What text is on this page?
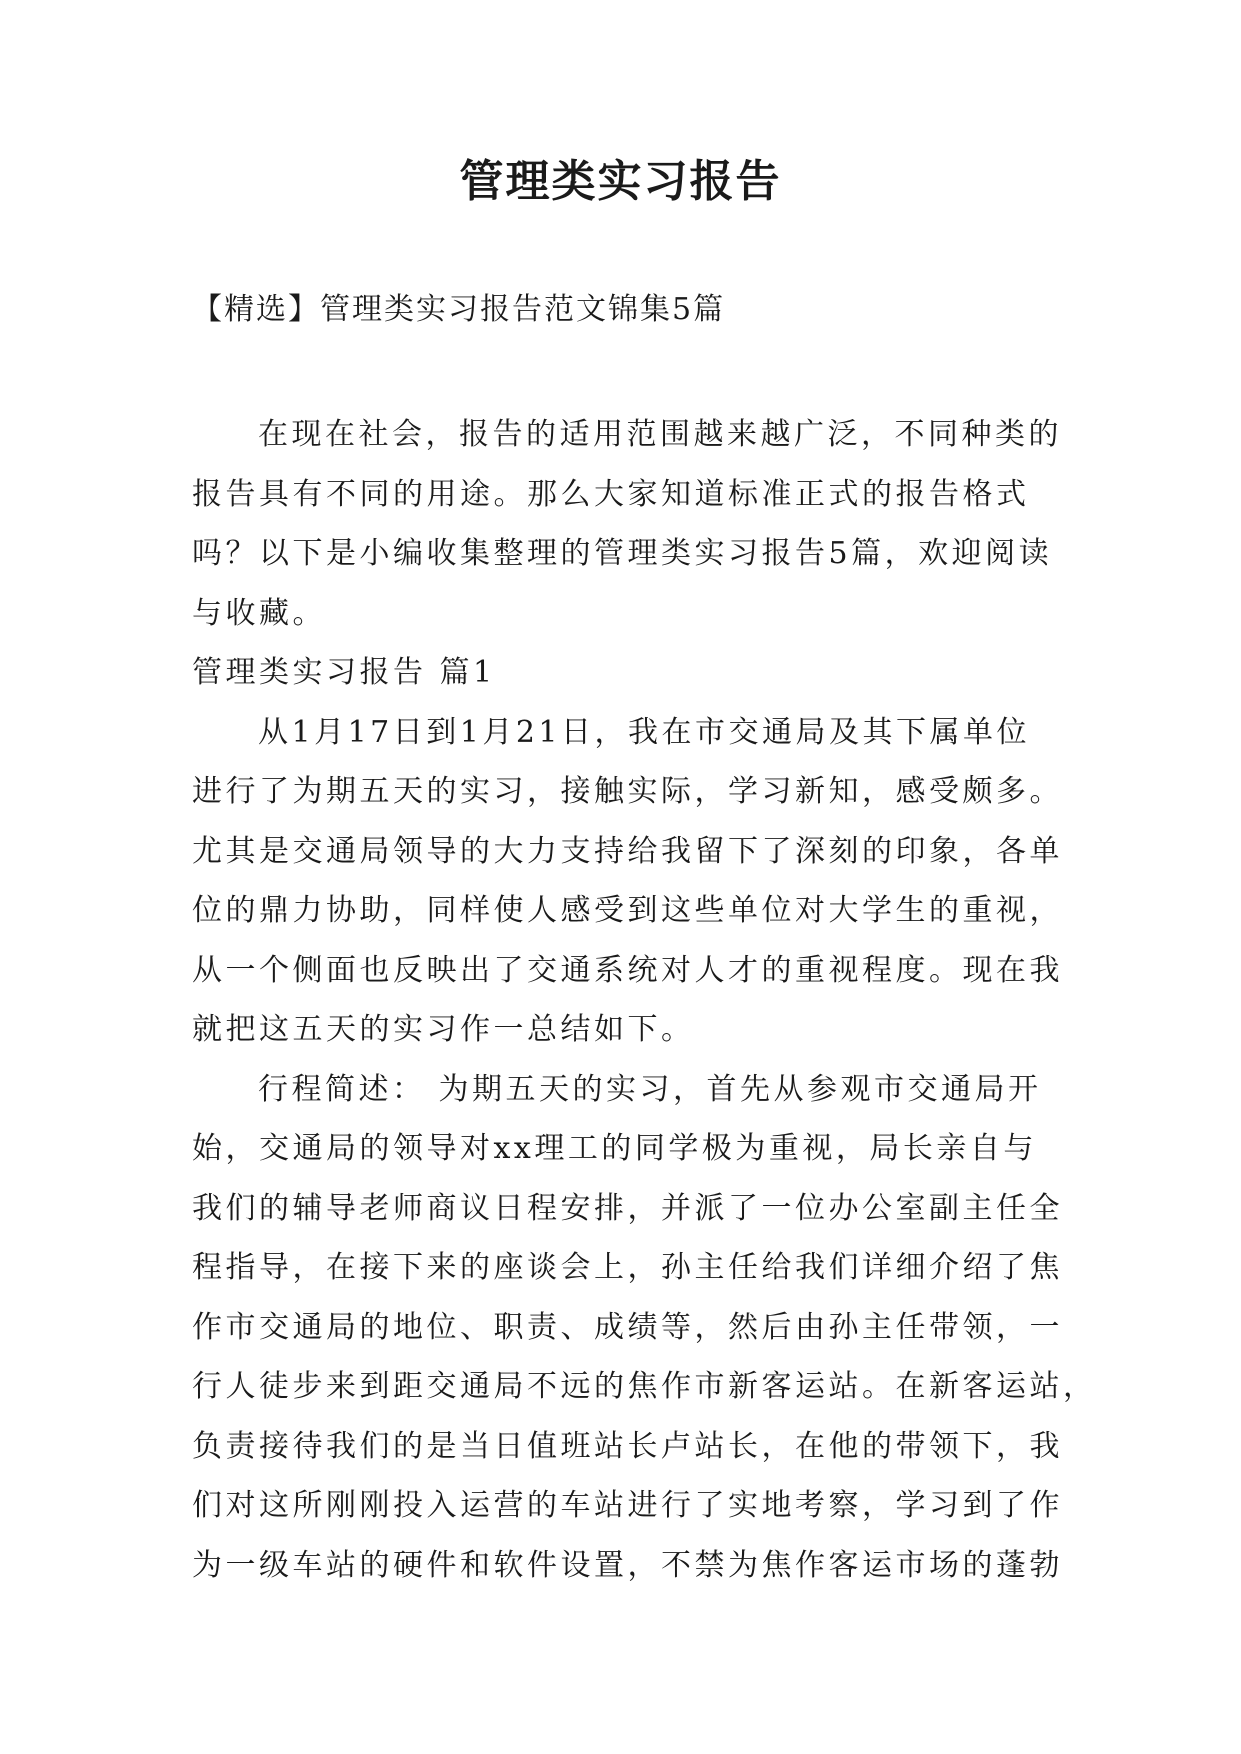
管理类实习报告
【精选】管理类实习报告范文锦集5篇
在现在社会，报告的适用范围越来越广泛，不同种类的
报告具有不同的用途。那么大家知道标准正式的报告格式
吗？以下是小编收集整理的管理类实习报告5篇，欢迎阅读
与收藏。
管理类实习报告 篇1
从1月17日到1月21日，我在市交通局及其下属单位
进行了为期五天的实习，接触实际，学习新知，感受颇多。
尤其是交通局领导的大力支持给我留下了深刻的印象，各单
位的鼎力协助，同样使人感受到这些单位对大学生的重视，
从一个侧面也反映出了交通系统对人才的重视程度。现在我
就把这五天的实习作一总结如下。
行程简述： 为期五天的实习，首先从参观市交通局开
始，交通局的领导对xx理工的同学极为重视，局长亲自与
我们的辅导老师商议日程安排，并派了一位办公室副主任全
程指导，在接下来的座谈会上，孙主任给我们详细介绍了焦
作市交通局的地位、职责、成绩等，然后由孙主任带领，一
行人徒步来到距交通局不远的焦作市新客运站。在新客运站，
负责接待我们的是当日值班站长卢站长，在他的带领下，我
们对这所刚刚投入运营的车站进行了实地考察，学习到了作
为一级车站的硬件和软件设置，不禁为焦作客运市场的蓬勃
